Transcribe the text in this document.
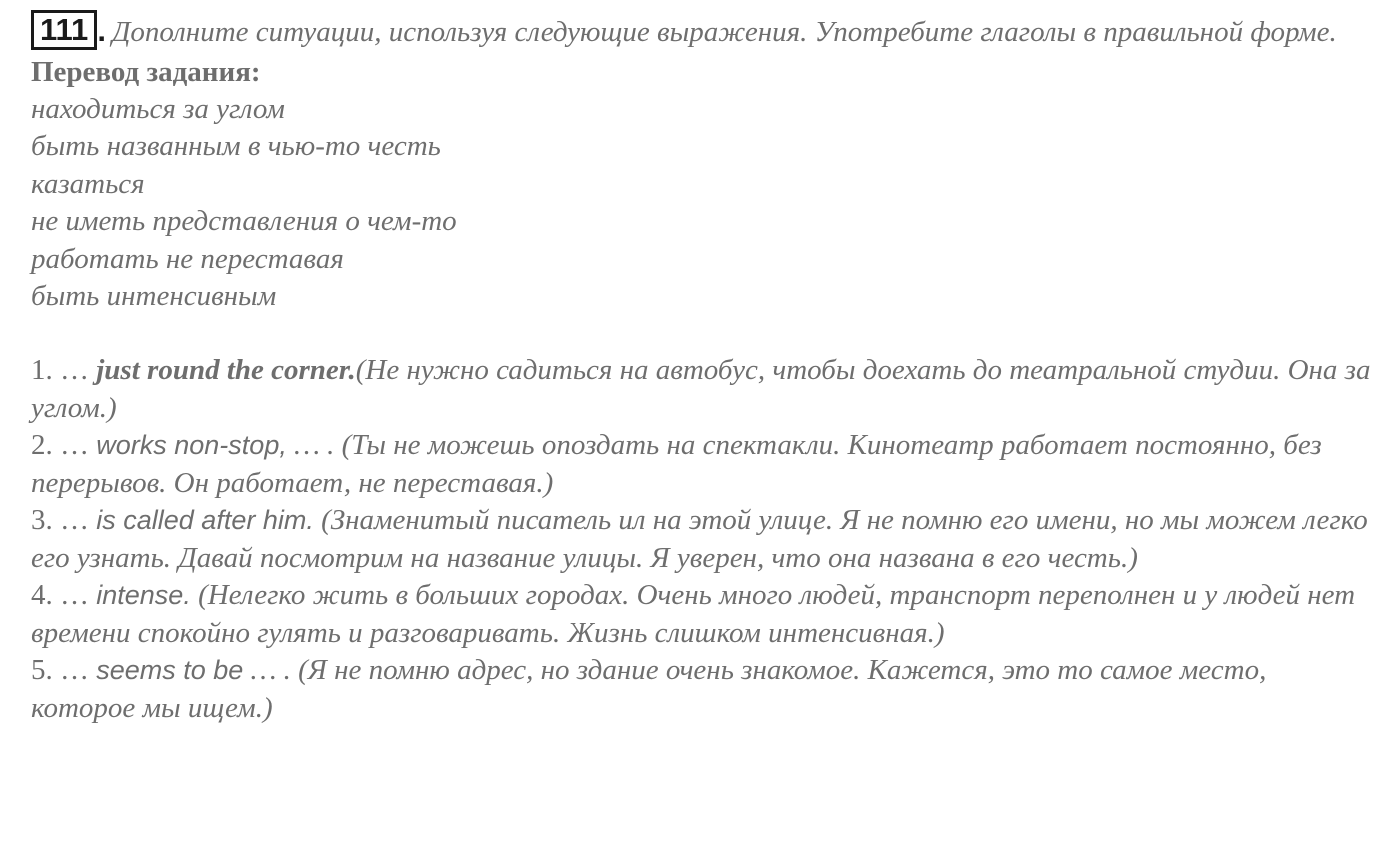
111 . Дополните ситуации, используя следующие выражения. Употребите глаголы в правильной форме.

Перевод задания:
находиться за углом
быть названным в чью-то честь
казаться
не иметь представления о чем-то
работать не переставая
быть интенсивным
1. … just round the corner.(Не нужно садиться на автобус, чтобы доехать до театральной студии. Она за углом.)
2. … works non-stop, … . (Ты не можешь опоздать на спектакли. Кинотеатр работает постоянно, без перерывов. Он работает, не переставая.)
3. … is called after him. (Знаменитый писатель ил на этой улице. Я не помню его имени, но мы можем легко его узнать. Давай посмотрим на название улицы. Я уверен, что она названа в его честь.)
4. … intense. (Нелегко жить в больших городах. Очень много людей, транспорт переполнен и у людей нет времени спокойно гулять и разговаривать. Жизнь слишком интенсивная.)
5. … seems to be … . (Я не помню адрес, но здание очень знакомое. Кажется, это то самое место, которое мы ищем.)
